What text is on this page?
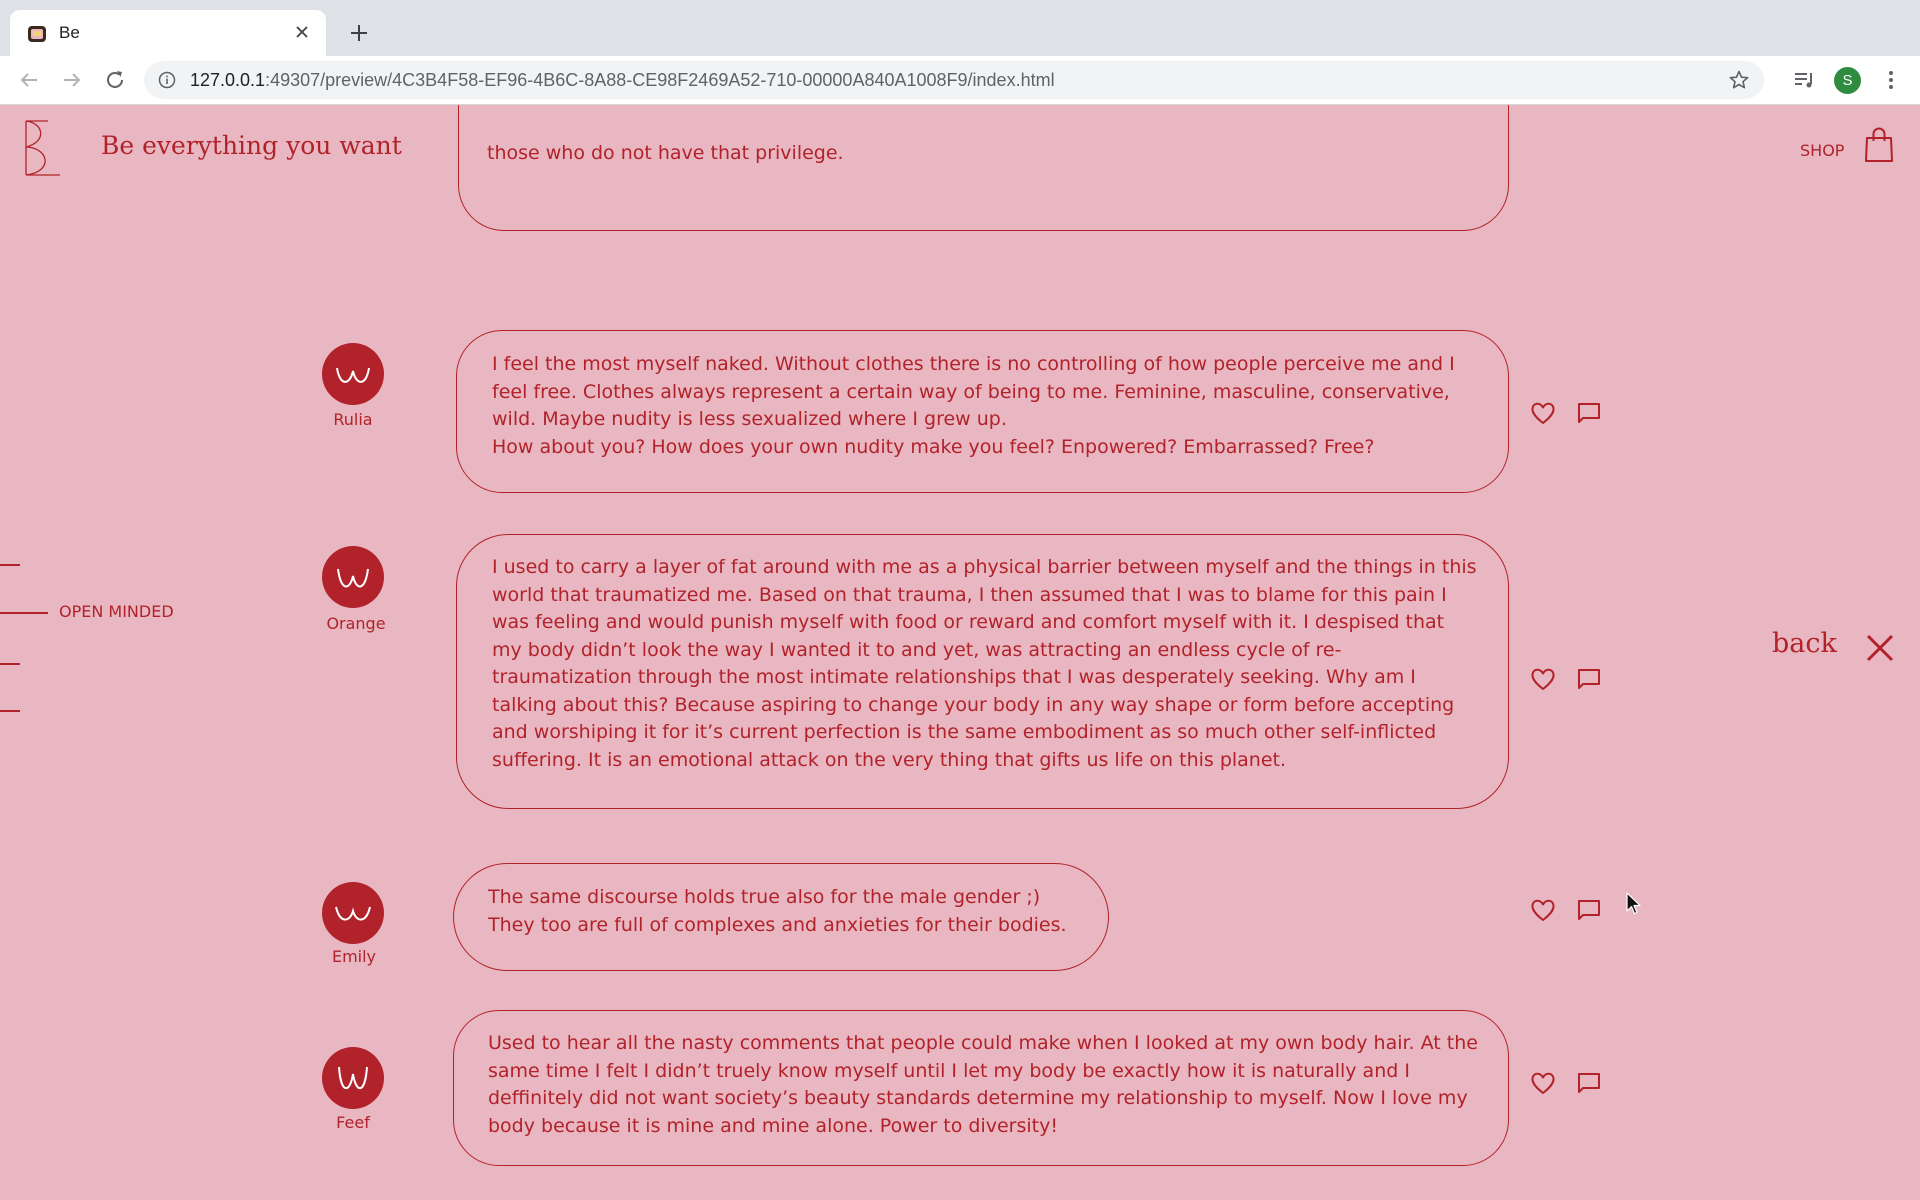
Be
127.0.0.1:49307/preview/4C3B4F58-EF96-4B6C-8A88-CE98F2469A52-710-00000A840A1008F9/index.html	S
Be everything you want	SHOP
OPEN MINDED
back
those who do not have that privilege.
Rulia
I feel the most myself naked. Without clothes there is no controlling of how people perceive me and I feel free. Clothes always represent a certain way of being to me. Feminine, masculine, conservative, wild. Maybe nudity is less sexualized where I grew up.
How about you? How does your own nudity make you feel? Enpowered? Embarrassed? Free?
Orange
I used to carry a layer of fat around with me as a physical barrier between myself and the things in this world that traumatized me. Based on that trauma, I then assumed that I was to blame for this pain I was feeling and would punish myself with food or reward and comfort myself with it. I despised that my body didn’t look the way I wanted it to and yet, was attracting an endless cycle of re-traumatization through the most intimate relationships that I was desperately seeking. Why am I talking about this? Because aspiring to change your body in any way shape or form before accepting and worshiping it for it’s current perfection is the same embodiment as so much other self-inflicted suffering. It is an emotional attack on the very thing that gifts us life on this planet.
Emily
The same discourse holds true also for the male gender ;)
They too are full of complexes and anxieties for their bodies.
Feef
Used to hear all the nasty comments that people could make when I looked at my own body hair. At the same time I felt I didn’t truely know myself until I let my body be exactly how it is naturally and I deffinitely did not want society’s beauty standards determine my relationship to myself. Now I love my body because it is mine and mine alone. Power to diversity!
